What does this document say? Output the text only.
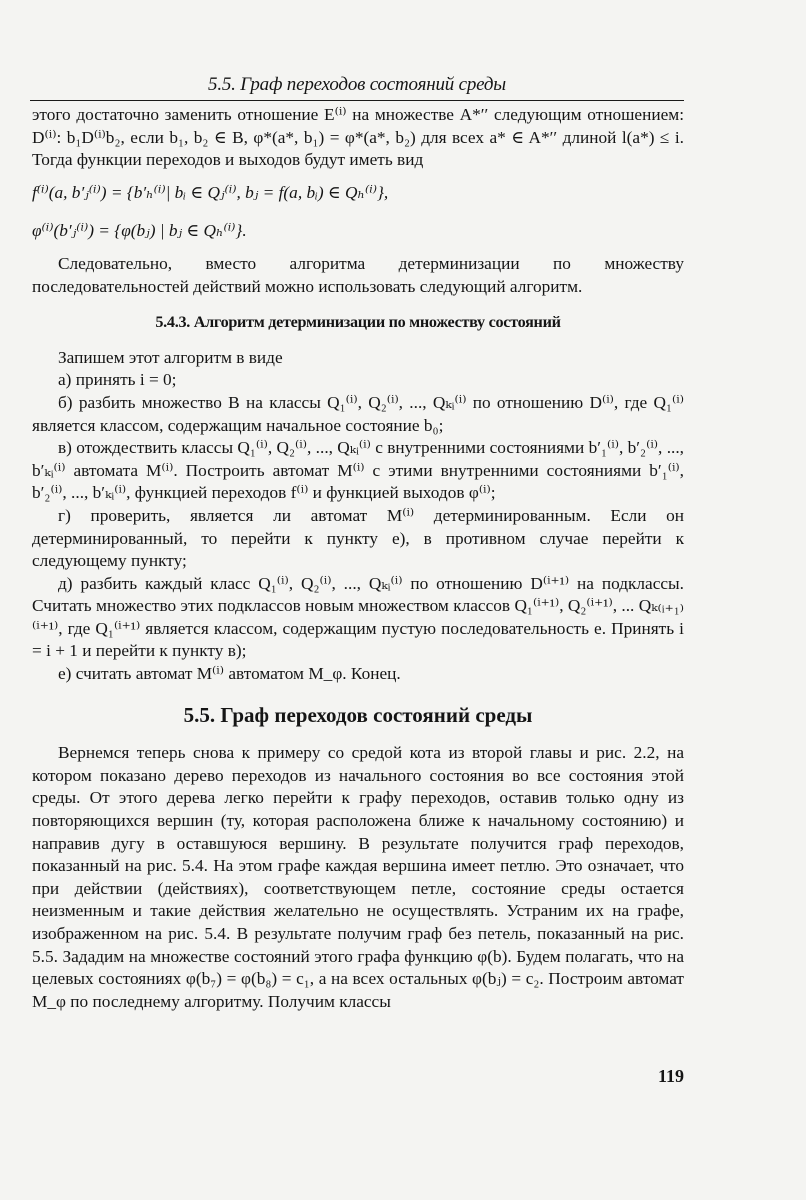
5.5. Граф переходов состояний среды

этого достаточно заменить отношение E⁽ⁱ⁾ на множестве A*′′ следующим отношением: D⁽ⁱ⁾: b₁D⁽ⁱ⁾b₂, если b₁, b₂ ∈ B, φ*(a*, b₁) = φ*(a*, b₂) для всех a* ∈ A*′′ длиной l(a*) ≤ i. Тогда функции переходов и выходов будут иметь вид

f⁽ⁱ⁾(a, b′ⱼ⁽ⁱ⁾) = {b′ₕ⁽ⁱ⁾| bᵢ ∈ Qⱼ⁽ⁱ⁾, bⱼ = f(a, bᵢ) ∈ Qₕ⁽ⁱ⁾},

φ⁽ⁱ⁾(b′ⱼ⁽ⁱ⁾) = {φ(bⱼ) | bⱼ ∈ Qₕ⁽ⁱ⁾}.

Следовательно, вместо алгоритма детерминизации по множеству последовательностей действий можно использовать следующий алгоритм.

5.4.3. Алгоритм детерминизации по множеству состояний

Запишем этот алгоритм в виде

а) принять i = 0;

б) разбить множество B на классы Q₁⁽ⁱ⁾, Q₂⁽ⁱ⁾, ..., Qₖᵢ⁽ⁱ⁾ по отношению D⁽ⁱ⁾, где Q₁⁽ⁱ⁾ является классом, содержащим начальное состояние b₀;

в) отождествить классы Q₁⁽ⁱ⁾, Q₂⁽ⁱ⁾, ..., Qₖᵢ⁽ⁱ⁾ с внутренними состояниями b′₁⁽ⁱ⁾, b′₂⁽ⁱ⁾, ..., b′ₖᵢ⁽ⁱ⁾ автомата M⁽ⁱ⁾. Построить автомат M⁽ⁱ⁾ с этими внутренними состояниями b′₁⁽ⁱ⁾, b′₂⁽ⁱ⁾, ..., b′ₖᵢ⁽ⁱ⁾, функцией переходов f⁽ⁱ⁾ и функцией выходов φ⁽ⁱ⁾;

г) проверить, является ли автомат M⁽ⁱ⁾ детерминированным. Если он детерминированный, то перейти к пункту е), в противном случае перейти к следующему пункту;

д) разбить каждый класс Q₁⁽ⁱ⁾, Q₂⁽ⁱ⁾, ..., Qₖᵢ⁽ⁱ⁾ по отношению D⁽ⁱ⁺¹⁾ на подклассы. Считать множество этих подклассов новым множеством классов Q₁⁽ⁱ⁺¹⁾, Q₂⁽ⁱ⁺¹⁾, ... Qₖ₍ᵢ₊₁₎⁽ⁱ⁺¹⁾, где Q₁⁽ⁱ⁺¹⁾ является классом, содержащим пустую последовательность e. Принять i = i + 1 и перейти к пункту в);

е) считать автомат M⁽ⁱ⁾ автоматом M_φ. Конец.

5.5. Граф переходов состояний среды

Вернемся теперь снова к примеру со средой кота из второй главы и рис. 2.2, на котором показано дерево переходов из начального состояния во все состояния этой среды. От этого дерева легко перейти к графу переходов, оставив только одну из повторяющихся вершин (ту, которая расположена ближе к начальному состоянию) и направив дугу в оставшуюся вершину. В результате получится граф переходов, показанный на рис. 5.4. На этом графе каждая вершина имеет петлю. Это означает, что при действии (действиях), соответствующем петле, состояние среды остается неизменным и такие действия желательно не осуществлять. Устраним их на графе, изображенном на рис. 5.4. В результате получим граф без петель, показанный на рис. 5.5. Зададим на множестве состояний этого графа функцию φ(b). Будем полагать, что на целевых состояниях φ(b₇) = φ(b₈) = c₁, а на всех остальных φ(bⱼ) = c₂. Построим автомат M_φ по последнему алгоритму. Получим классы

119
